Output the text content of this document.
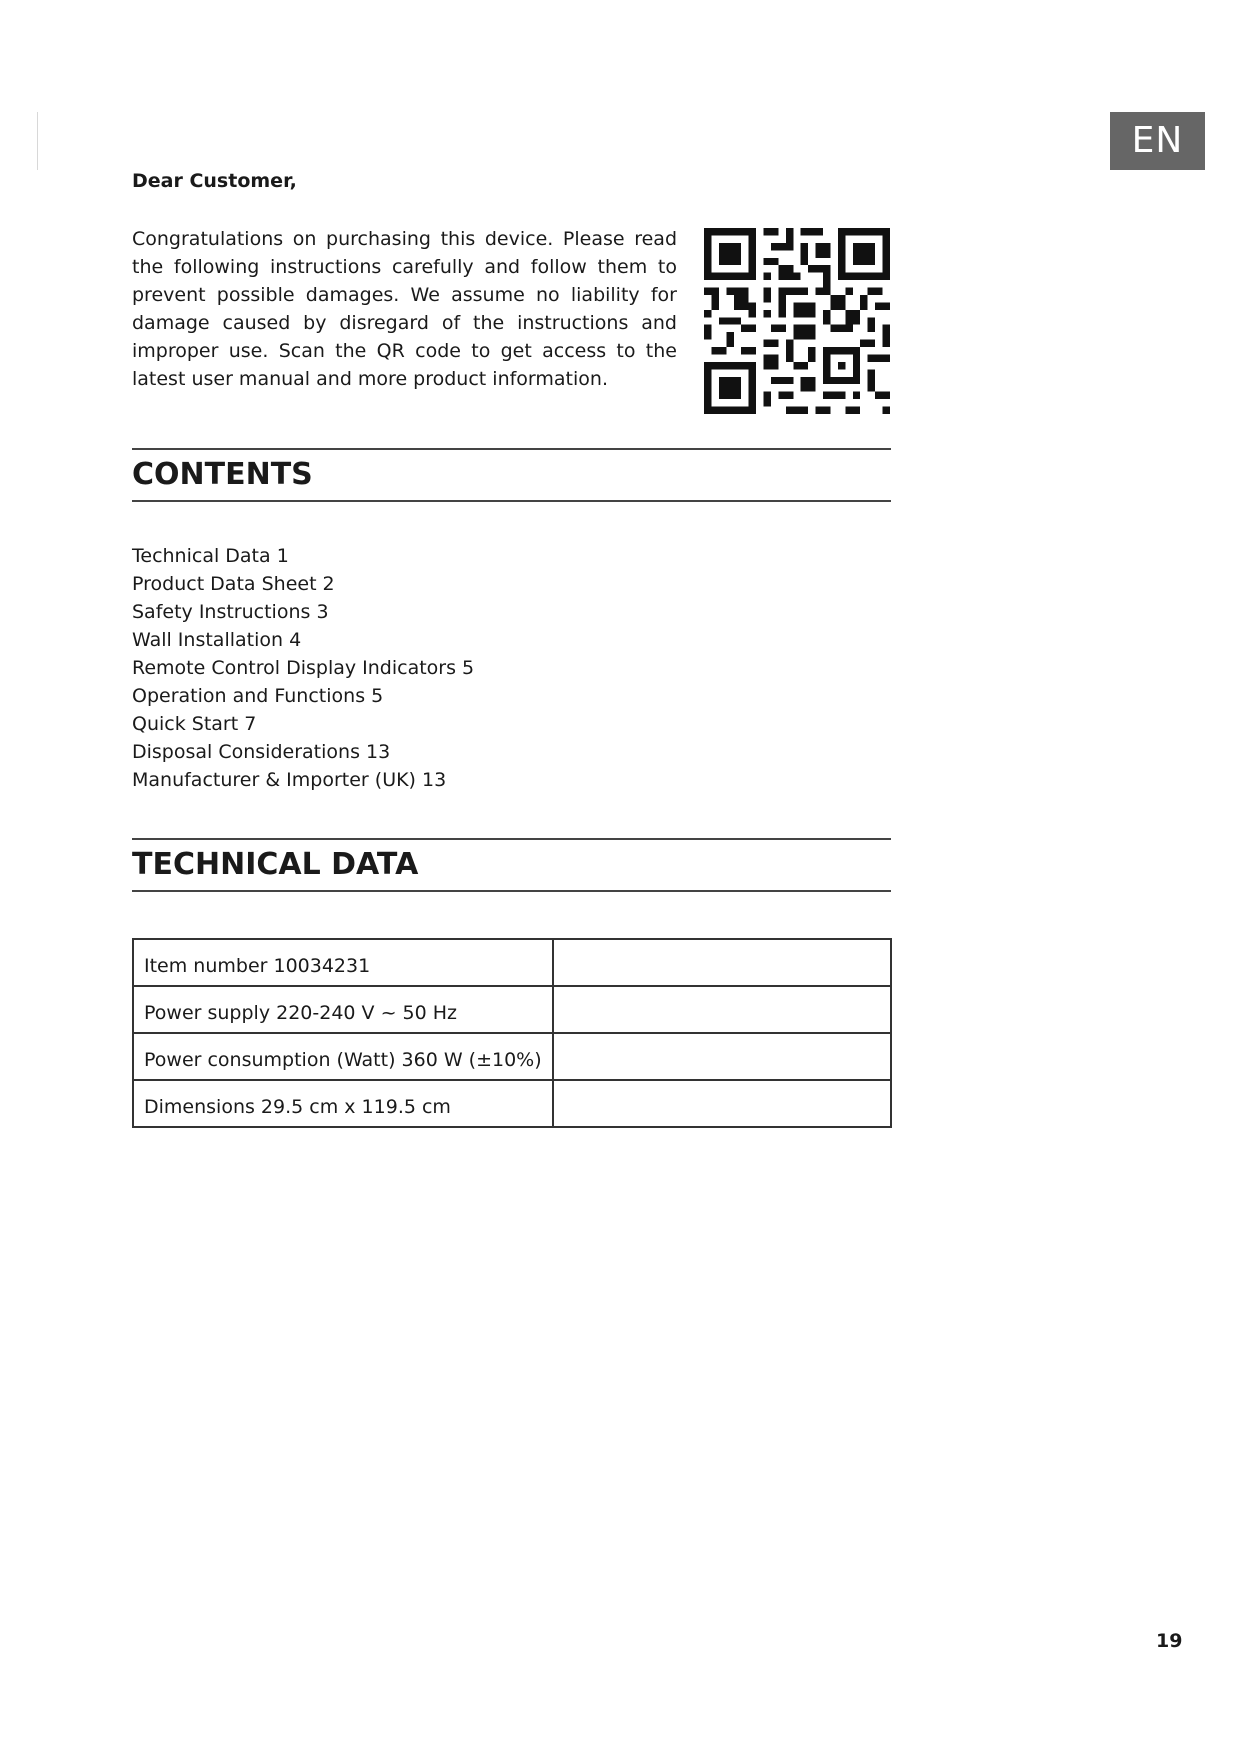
EN

Dear Customer,

Congratulations on purchasing this device. Please read the following instructions carefully and follow them to prevent possible damages. We assume no liability for damage caused by disregard of the instructions and improper use. Scan the QR code to get access to the latest user manual and more product information.

CONTENTS
Technical Data 1
Product Data Sheet 2
Safety Instructions 3
Wall Installation 4
Remote Control Display Indicators 5
Operation and Functions 5
Quick Start 7
Disposal Considerations 13
Manufacturer & Importer (UK) 13
TECHNICAL DATA
Item number 10034231	
Power supply 220-240 V ~ 50 Hz	
Power consumption (Watt) 360 W (±10%)	
Dimensions 29.5 cm x 119.5 cm	
19
